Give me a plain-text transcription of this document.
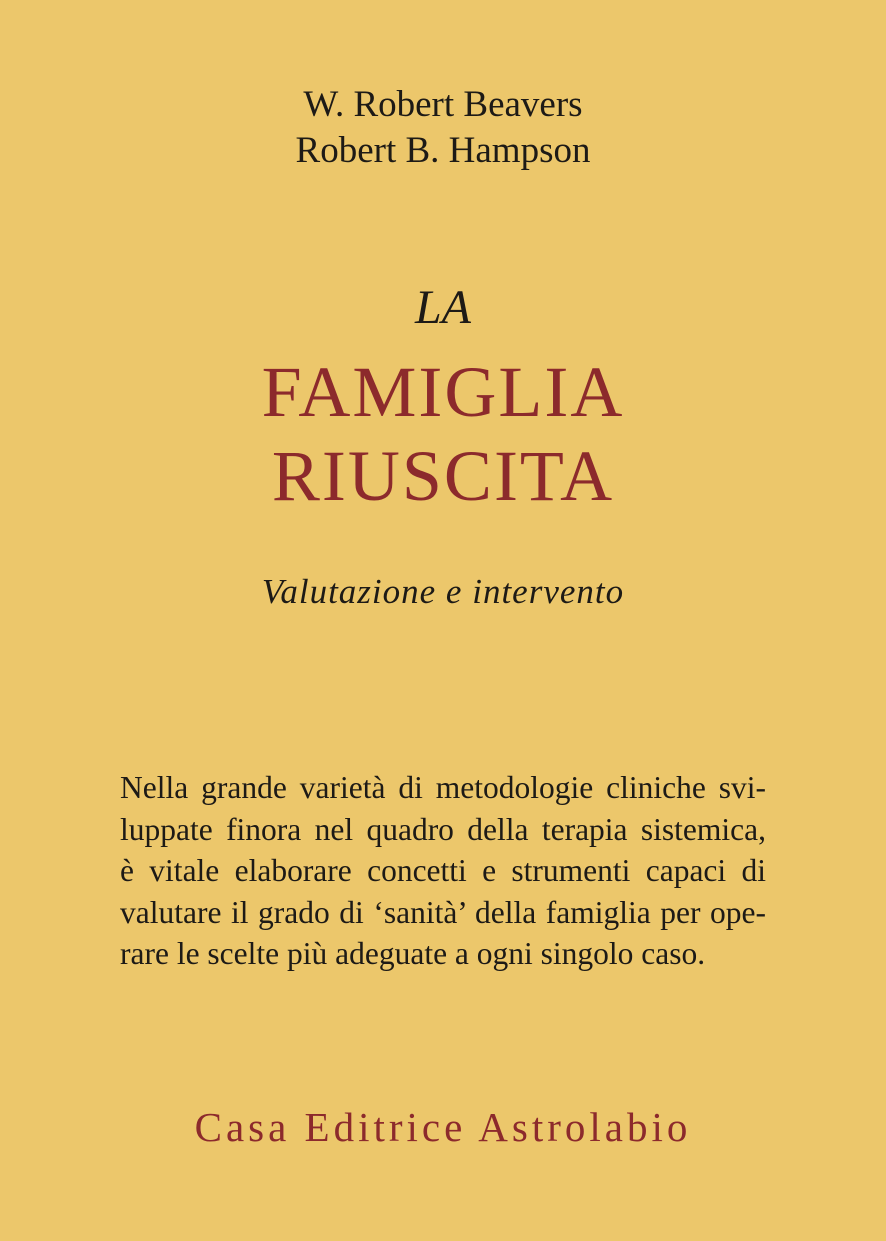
W. Robert Beavers
Robert B. Hampson
LA
FAMIGLIA
RIUSCITA
Valutazione e intervento
Nella grande varietà di metodologie cliniche svi-
luppate finora nel quadro della terapia sistemica,
è vitale elaborare concetti e strumenti capaci di
valutare il grado di ‘sanità’ della famiglia per ope-
rare le scelte più adeguate a ogni singolo caso.
Casa Editrice Astrolabio
